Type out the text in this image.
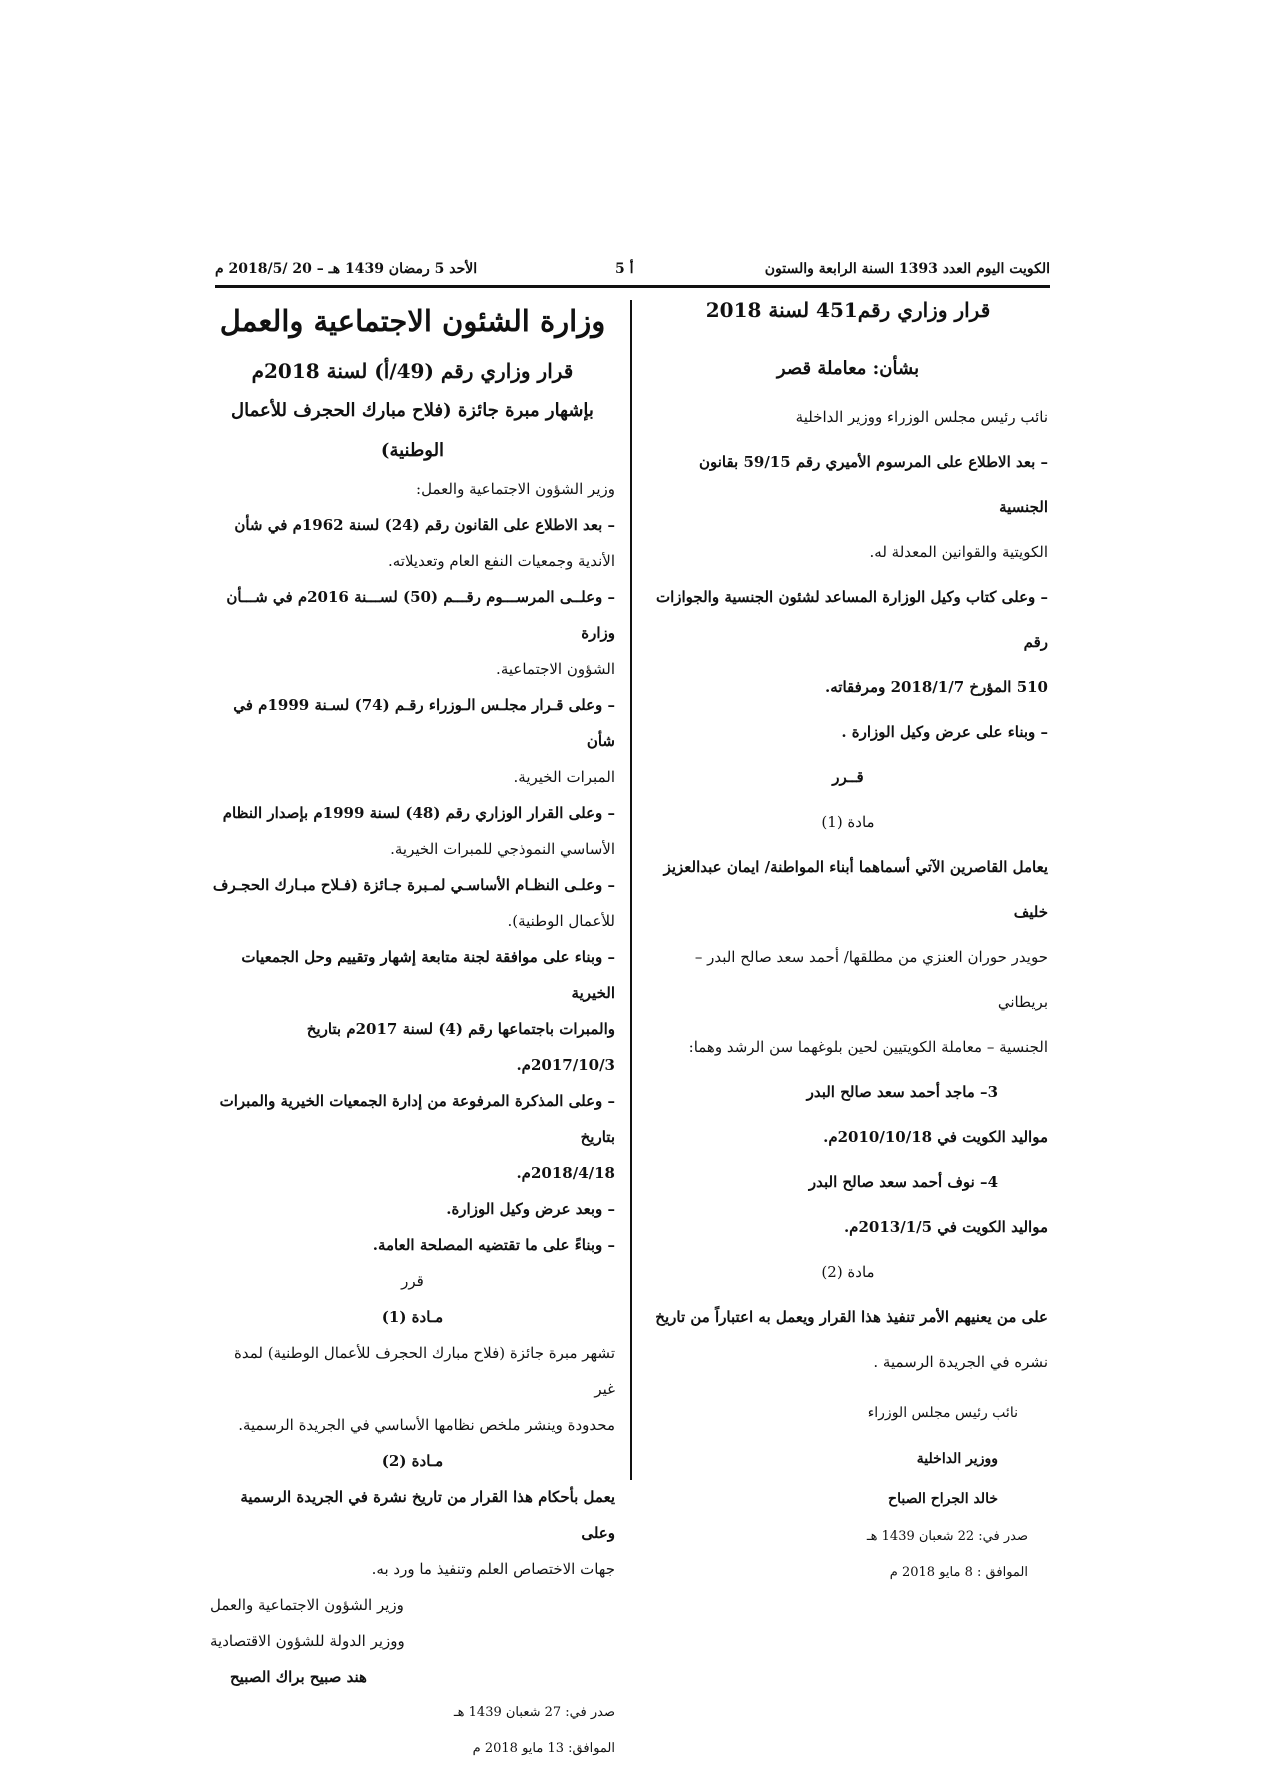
الكويت اليوم العدد 1393 السنة الرابعة والستون
أ 5
الأحد 5 رمضان 1439 هـ – 20 /2018/5 م

قرار وزاري رقم451 لسنة 2018

بشأن: معاملة قصر

نائب رئيس مجلس الوزراء ووزير الداخلية

– بعد الاطلاع على المرسوم الأميري رقم 59/15 بقانون الجنسية

الكويتية والقوانين المعدلة له.

– وعلى كتاب وكيل الوزارة المساعد لشئون الجنسية والجوازات رقم

510 المؤرخ 2018/1/7 ومرفقاته.

– وبناء على عرض وكيل الوزارة .

قــرر

مادة (1)

يعامل القاصرين الآتي أسماهما أبناء المواطنة/ ايمان عبدالعزيز خليف

حويدر حوران العنزي من مطلقها/ أحمد سعد صالح البدر – بريطاني

الجنسية – معاملة الكويتيين لحين بلوغهما سن الرشد وهما:

3– ماجد أحمد سعد صالح البدر

مواليد الكويت في 2010/10/18م.

4– نوف أحمد سعد صالح البدر

مواليد الكويت في 2013/1/5م.

مادة (2)

على من يعنيهم الأمر تنفيذ هذا القرار ويعمل به اعتباراً من تاريخ

نشره في الجريدة الرسمية .

نائب رئيس مجلس الوزراء

ووزير الداخلية

خالد الجراح الصباح

صدر في: 22 شعبان 1439 هـ

الموافق : 8 مايو 2018 م

وزارة الشئون الاجتماعية والعمل

قرار وزاري رقم (49/أ) لسنة 2018م

بإشهار مبرة جائزة (فلاح مبارك الحجرف للأعمال الوطنية)

وزير الشؤون الاجتماعية والعمل:

– بعد الاطلاع على القانون رقم (24) لسنة 1962م في شأن

الأندية وجمعيات النفع العام وتعديلاته.

– وعلــى المرســـوم رقـــم (50) لســـنة 2016م في شـــأن وزارة

الشؤون الاجتماعية.

– وعلى قـرار مجلـس الـوزراء رقـم (74) لسـنة 1999م في شأن

المبرات الخيرية.

– وعلى القرار الوزاري رقم (48) لسنة 1999م بإصدار النظام

الأساسي النموذجي للمبرات الخيرية.

– وعلـى النظـام الأساسـي لمـبرة جـائزة (فـلاح مبـارك الحجـرف

للأعمال الوطنية).

– وبناء على موافقة لجنة متابعة إشهار وتقييم وحل الجمعيات الخيرية

والمبرات باجتماعها رقم (4) لسنة 2017م بتاريخ

2017/10/3م.

– وعلى المذكرة المرفوعة من إدارة الجمعيات الخيرية والمبرات بتاريخ

2018/4/18م.

– وبعد عرض وكيل الوزارة.

– وبناءً على ما تقتضيه المصلحة العامة.

قرر

مـادة (1)

تشهر مبرة جائزة (فلاح مبارك الحجرف للأعمال الوطنية) لمدة غير

محدودة وينشر ملخص نظامها الأساسي في الجريدة الرسمية.

مـادة (2)

يعمل بأحكام هذا القرار من تاريخ نشرة في الجريدة الرسمية وعلى

جهات الاختصاص العلم وتنفيذ ما ورد به.

وزير الشؤون الاجتماعية والعمل

ووزير الدولة للشؤون الاقتصادية

هند صبيح براك الصبيح

صدر في: 27 شعبان 1439 هـ

الموافق: 13 مايو 2018 م
